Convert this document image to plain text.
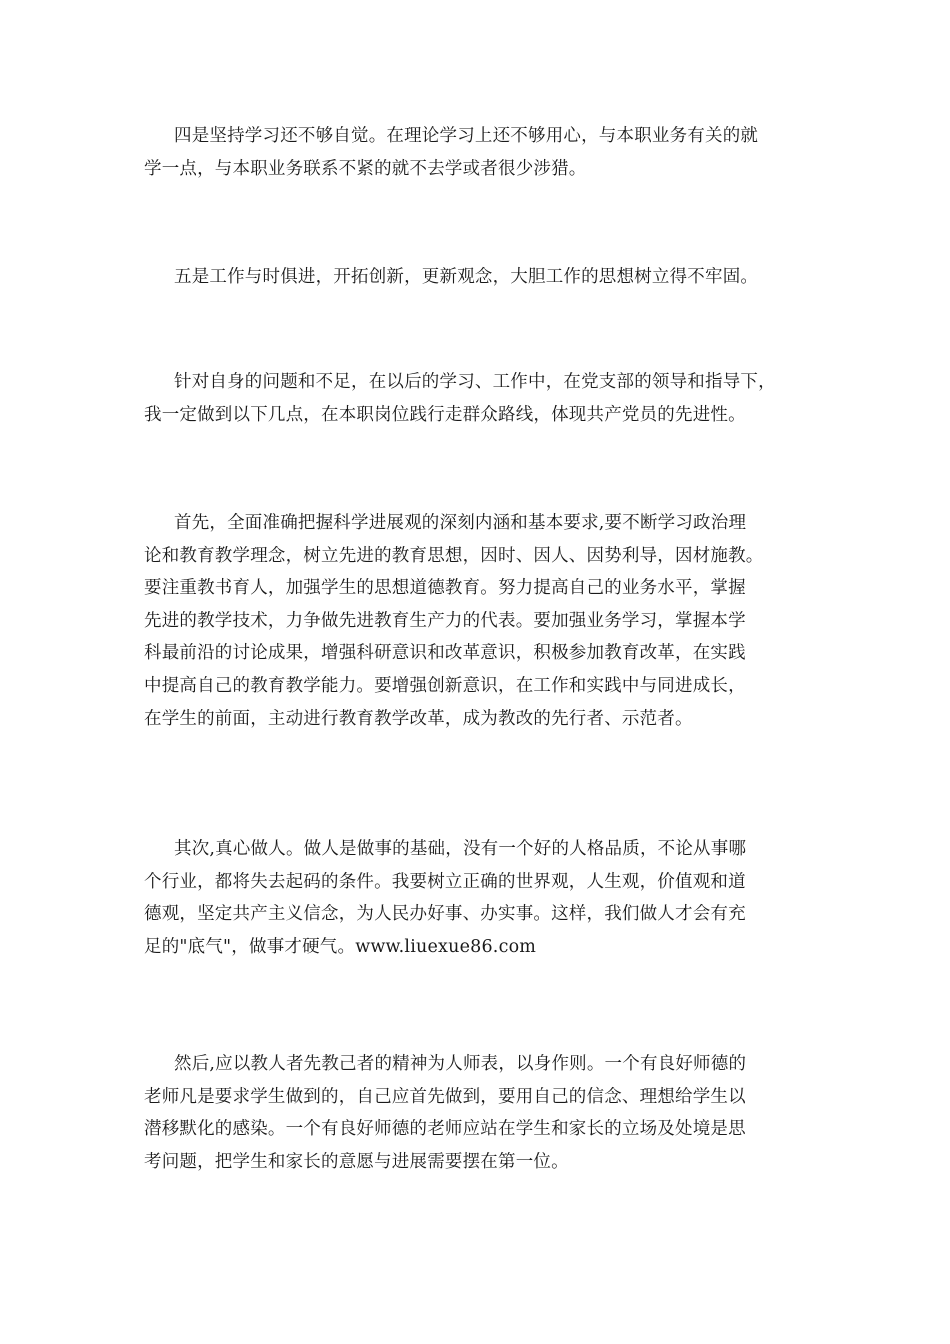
四是坚持学习还不够自觉。在理论学习上还不够用心，与本职业务有关的就
学一点，与本职业务联系不紧的就不去学或者很少涉猎。
五是工作与时俱进，开拓创新，更新观念，大胆工作的思想树立得不牢固。
针对自身的问题和不足，在以后的学习、工作中，在党支部的领导和指导下，
我一定做到以下几点，在本职岗位践行走群众路线，体现共产党员的先进性。
首先，全面准确把握科学进展观的深刻内涵和基本要求,要不断学习政治理
论和教育教学理念，树立先进的教育思想，因时、因人、因势利导，因材施教。
要注重教书育人，加强学生的思想道德教育。努力提高自己的业务水平，掌握
先进的教学技术，力争做先进教育生产力的代表。要加强业务学习，掌握本学
科最前沿的讨论成果，增强科研意识和改革意识，积极参加教育改革，在实践
中提高自己的教育教学能力。要增强创新意识，在工作和实践中与同进成长，
在学生的前面，主动进行教育教学改革，成为教改的先行者、示范者。
其次,真心做人。做人是做事的基础，没有一个好的人格品质，不论从事哪
个行业，都将失去起码的条件。我要树立正确的世界观，人生观，价值观和道
德观，坚定共产主义信念，为人民办好事、办实事。这样，我们做人才会有充
足的"底气"，做事才硬气。www.liuexue86.com
然后,应以教人者先教己者的精神为人师表，以身作则。一个有良好师德的
老师凡是要求学生做到的，自己应首先做到，要用自己的信念、理想给学生以
潜移默化的感染。一个有良好师德的老师应站在学生和家长的立场及处境是思
考问题，把学生和家长的意愿与进展需要摆在第一位。
